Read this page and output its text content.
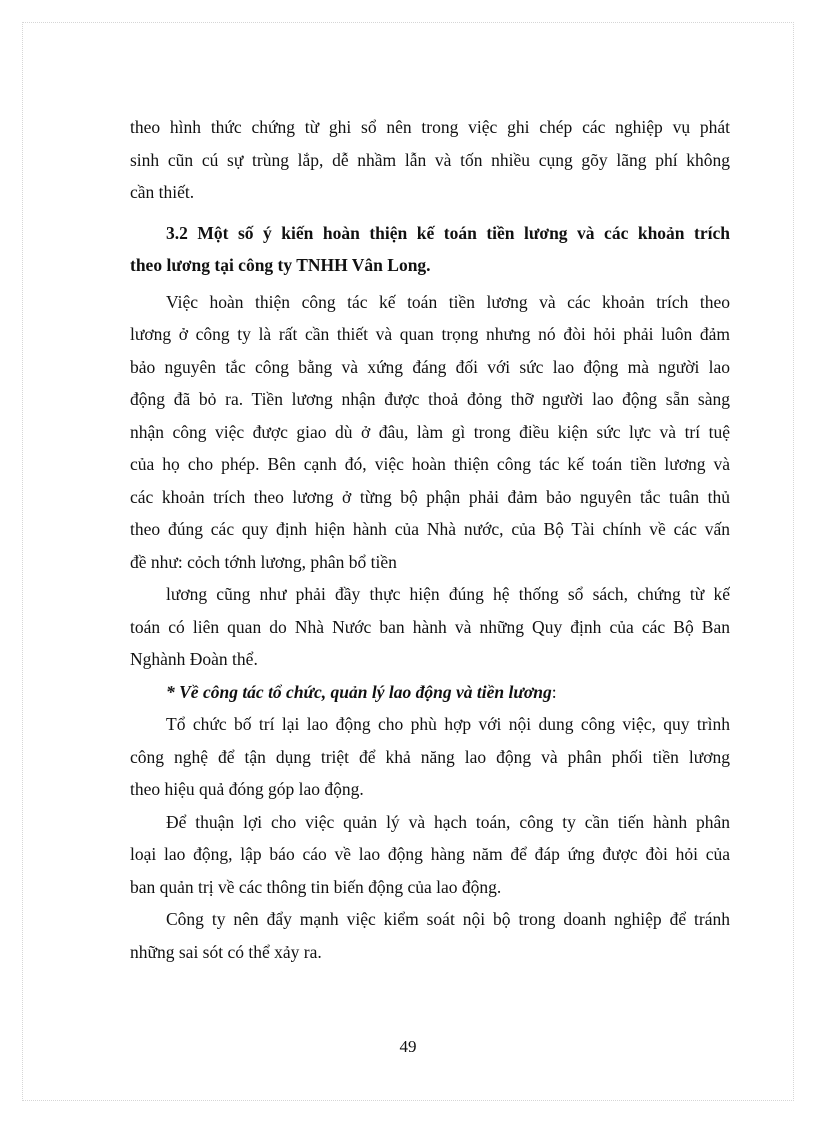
theo hình thức chứng từ ghi sổ nên trong việc ghi chép các nghiệp vụ phát
sinh cũn cú sự trùng lắp, dễ nhầm lẫn và tốn nhiều cụng gõy lãng phí không
cần thiết.
3.2 Một số ý kiến hoàn thiện kế toán tiền lương và các khoản trích
theo lương tại công ty TNHH Vân Long.
Việc hoàn thiện công tác kế toán tiền lương và các khoản trích theo
lương ở công ty là rất cần thiết và quan trọng nhưng nó đòi hỏi phải luôn đảm
bảo nguyên tắc công bằng và xứng đáng đối với sức lao động mà người lao
động đã bỏ ra. Tiền lương nhận được thoả đỏng thỡ người lao động sẵn sàng
nhận công việc được giao dù ở đâu, làm gì trong điều kiện sức lực và trí tuệ
của họ cho phép. Bên cạnh đó, việc hoàn thiện công tác kế toán tiền lương và
các khoản trích theo lương ở từng bộ phận phải đảm bảo nguyên tắc tuân thủ
theo đúng các quy định hiện hành của Nhà nước, của Bộ Tài chính về các vấn
đề như: cỏch tớnh lương, phân bổ tiền
lương cũng như phải đầy thực hiện đúng hệ thống sổ sách, chứng từ kế
toán có liên quan do Nhà Nước ban hành và những Quy định của các Bộ Ban
Nghành Đoàn thể.
* Về công tác tổ chức, quản lý lao động và tiền lương:
Tổ chức bố trí lại lao động cho phù hợp với nội dung công việc, quy trình
công nghệ để tận dụng triệt để khả năng lao động và phân phối tiền lương
theo hiệu quả đóng góp lao động.
Để thuận lợi cho việc quản lý và hạch toán, công ty cần tiến hành phân
loại lao động, lập báo cáo về lao động hàng năm để đáp ứng được đòi hỏi của
ban quản trị về các thông tin biến động của lao động.
Công ty nên đẩy mạnh việc kiểm soát nội bộ trong doanh nghiệp để tránh
những sai sót có thể xảy ra.
49
